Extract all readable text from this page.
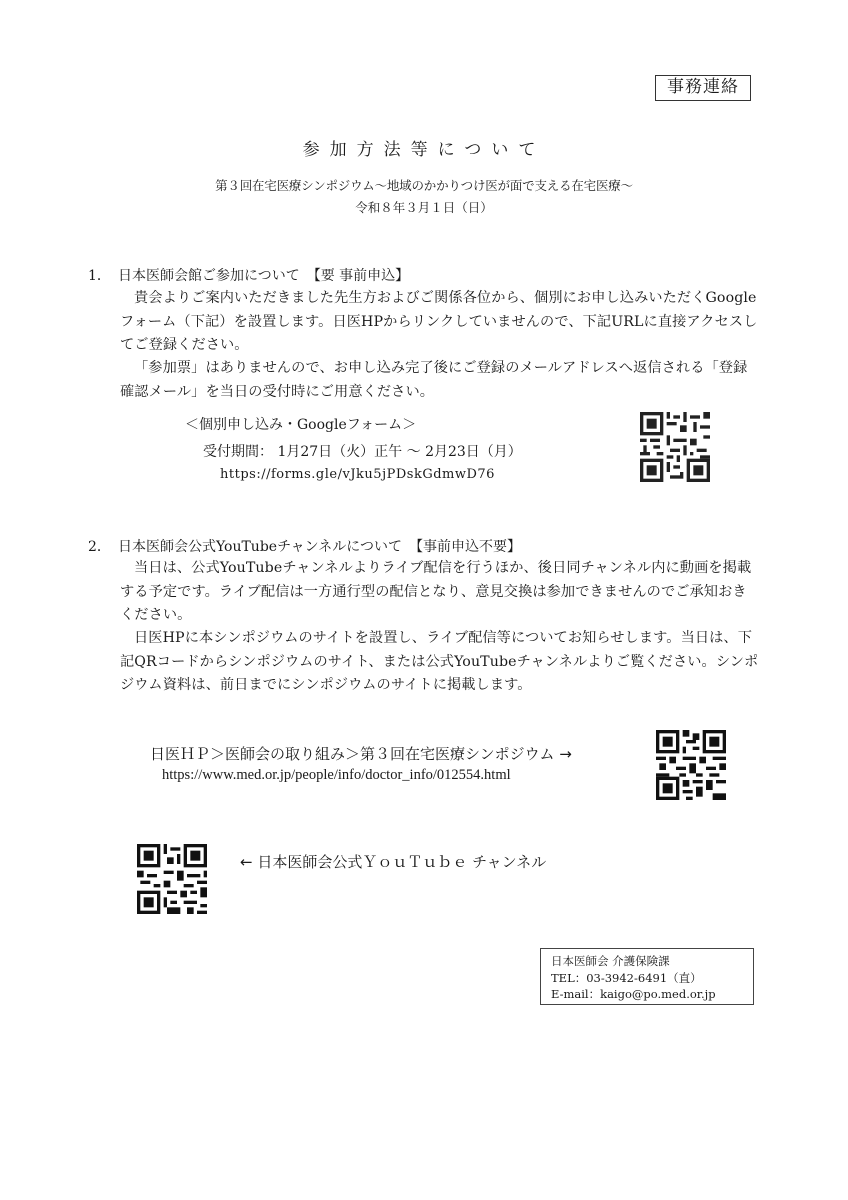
事務連絡
参加方法等について
第３回在宅医療シンポジウム～地域のかかりつけ医が面で支える在宅医療～
令和８年３月１日（日）
1． 日本医師会館ご参加について　【要 事前申込】
貴会よりご案内いただきました先生方およびご関係各位から、個別にお申し込みいただくGoogleフォーム（下記）を設置します。日医HPからリンクしていませんので、下記URLに直接アクセスしてご登録ください。
「参加票」はありませんので、お申し込み完了後にご登録のメールアドレスへ返信される「登録確認メール」を当日の受付時にご用意ください。
＜個別申し込み・Googleフォーム＞
受付期間： 1月27日（火）正午 ～ 2月23日（月）
https://forms.gle/vJku5jPDskGdmwD76
2． 日本医師会公式YouTubeチャンネルについて　【事前申込不要】
当日は、公式YouTubeチャンネルよりライブ配信を行うほか、後日同チャンネル内に動画を掲載する予定です。ライブ配信は一方通行型の配信となり、意見交換は参加できませんのでご承知おきください。
日医HPに本シンポジウムのサイトを設置し、ライブ配信等についてお知らせします。当日は、下記QRコードからシンポジウムのサイト、または公式YouTubeチャンネルよりご覧ください。シンポジウム資料は、前日までにシンポジウムのサイトに掲載します。
日医ＨＰ＞医師会の取り組み＞第３回在宅医療シンポジウム →
https://www.med.or.jp/people/info/doctor_info/012554.html
← 日本医師会公式ＹｏｕＴｕｂｅ チャンネル
日本医師会 介護保険課
TEL：03-3942-6491（直）
E-mail：kaigo@po.med.or.jp
